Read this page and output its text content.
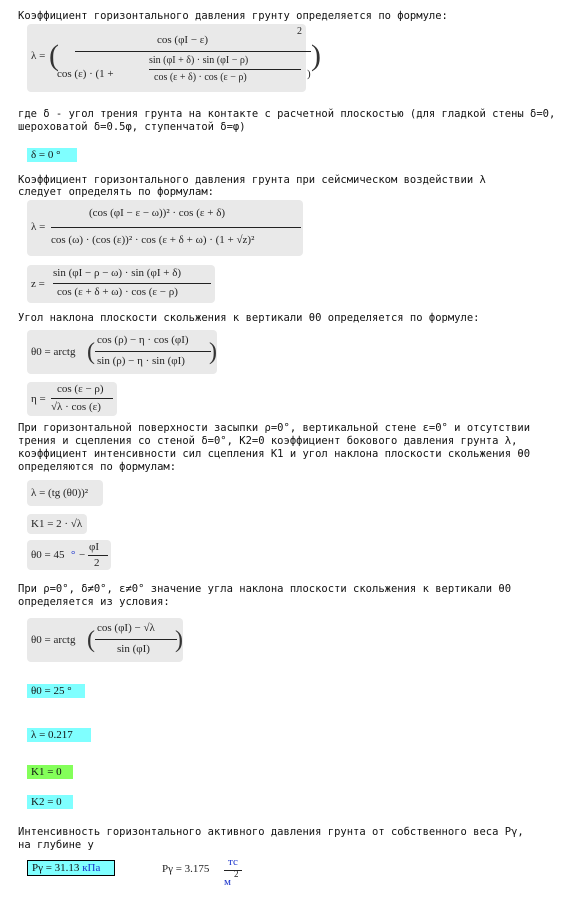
Коэффициент горизонтального давления грунту определяется по формуле:
λ = (	cos (φI − ε)
cos (ε) · (1 +
sin (φI + δ) · sin (φI − ρ)
cos (ε + δ) · cos (ε − ρ)	)
)
2
где δ - угол трения грунта на контакте с расчетной плоскостью (для гладкой стены δ=0,
шероховатой δ=0.5φ, ступенчатой δ=φ)
δ = 0 °
Коэффициент горизонтального давления грунта при сейсмическом воздействии λ
следует определять по формулам:
λ =
(cos (φI − ε − ω))² · cos (ε + δ)
cos (ω) · (cos (ε))² · cos (ε + δ + ω) · (1 + √z)²
z =
sin (φI − ρ − ω) · sin (φI + δ)
cos (ε + δ + ω) · cos (ε − ρ)
Угол наклона плоскости скольжения к вертикали θ0 определяется по формуле:
θ0 = arctg ( cos (ρ) − η · cos (φI)
sin (ρ) − η · sin (φI) )
η =
cos (ε − ρ)
√λ · cos (ε)
При горизонтальной поверхности засыпки ρ=0°, вертикальной стене ε=0° и отсутствии
трения и сцепления со стеной δ=0°, K2=0 коэффициент бокового давления грунта λ,
коэффициент интенсивности сил сцепления K1 и угол наклона плоскости скольжения θ0
определяются по формулам:
λ = (tg (θ0))²
K1 = 2 · √λ
θ0 = 45 ° −
φI
2
При ρ=0°, δ≠0°, ε≠0° значение угла наклона плоскости скольжения к вертикали θ0
определяется из условия:
θ0 = arctg ( cos (φI) − √λ
sin (φI) )
θ0 = 25 °
λ = 0.217
K1 = 0
K2 = 0
Интенсивность горизонтального активного давления грунта от собственного веса Pγ,
на глубине y
Pγ = 31.13 кПа	Pγ = 3.175
тс
м
2
